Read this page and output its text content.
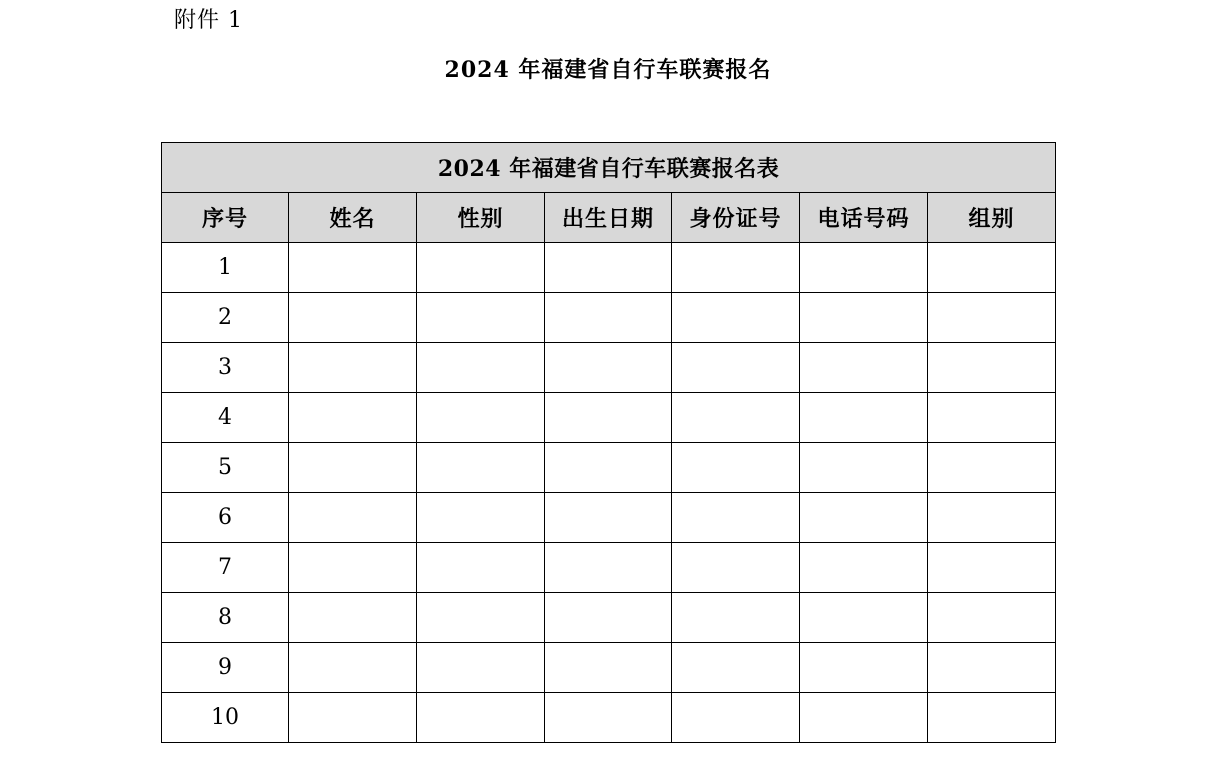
附件 1
2024 年福建省自行车联赛报名
2024 年福建省自行车联赛报名表						
序号	姓名	性别	出生日期	身份证号	电话号码	组别
1						
2						
3						
4						
5						
6						
7						
8						
9						
10						
